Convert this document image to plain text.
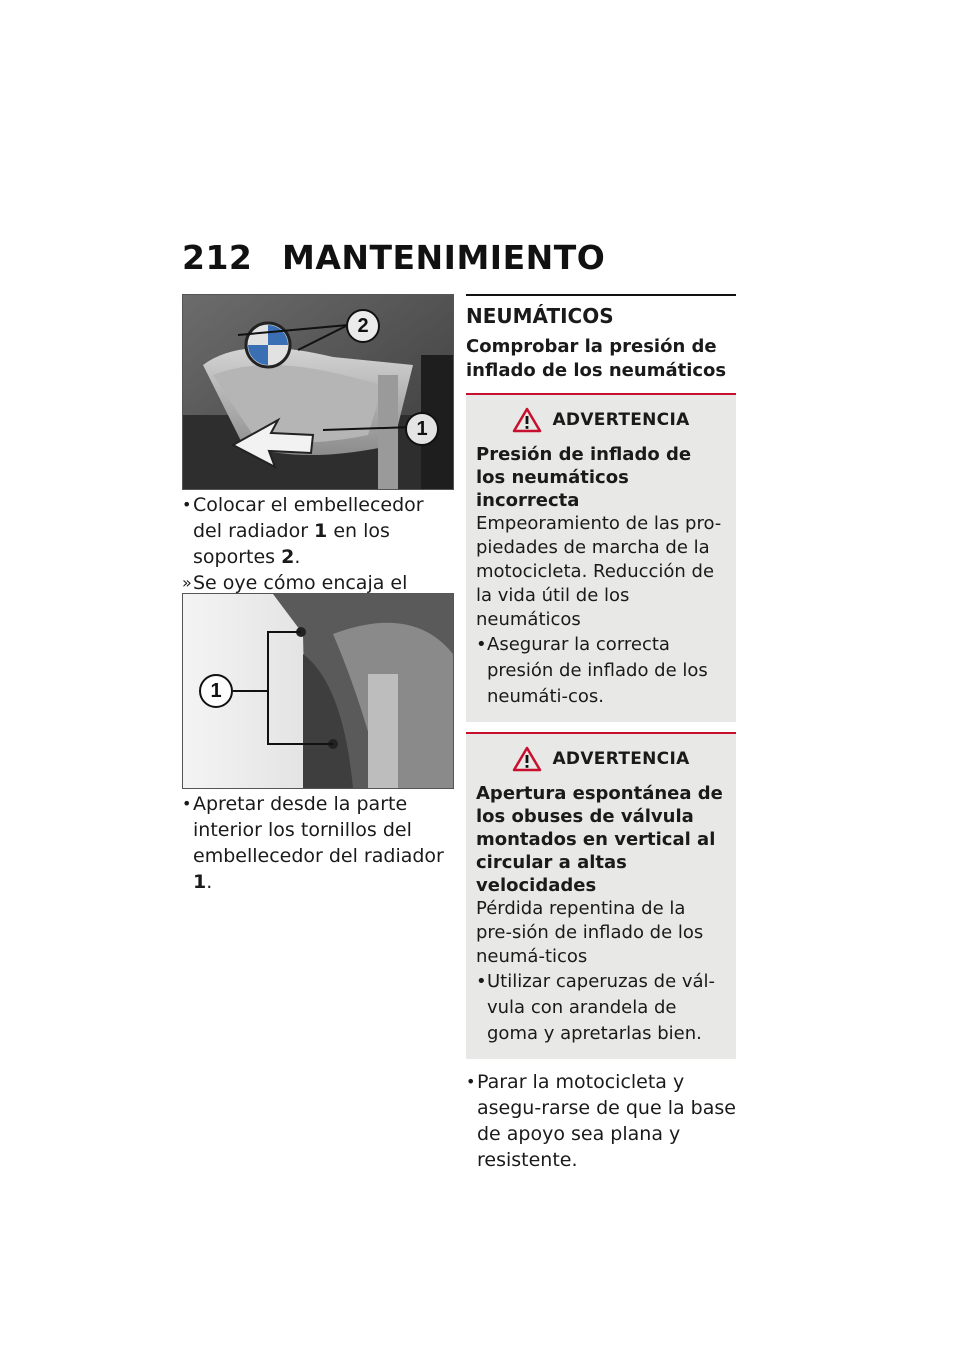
212 MANTENIMIENTO
2
1
• Colocar el embellecedor del radiador 1 en los soportes 2.
» Se oye cómo encaja el
1
• Apretar desde la parte interior los tornillos del embellecedor del radiador 1.
NEUMÁTICOS
Comprobar la presión de inflado de los neumáticos
ADVERTENCIA
Presión de inflado de los neumáticos incorrecta
Empeoramiento de las pro-piedades de marcha de la motocicleta. Reducción de la vida útil de los neumáticos
• Asegurar la correcta presión de inflado de los neumáti-cos.
ADVERTENCIA
Apertura espontánea de los obuses de válvula montados en vertical al circular a altas velocidades
Pérdida repentina de la pre-sión de inflado de los neumá-ticos
• Utilizar caperuzas de vál-vula con arandela de goma y apretarlas bien.
• Parar la motocicleta y asegu-rarse de que la base de apoyo sea plana y resistente.
